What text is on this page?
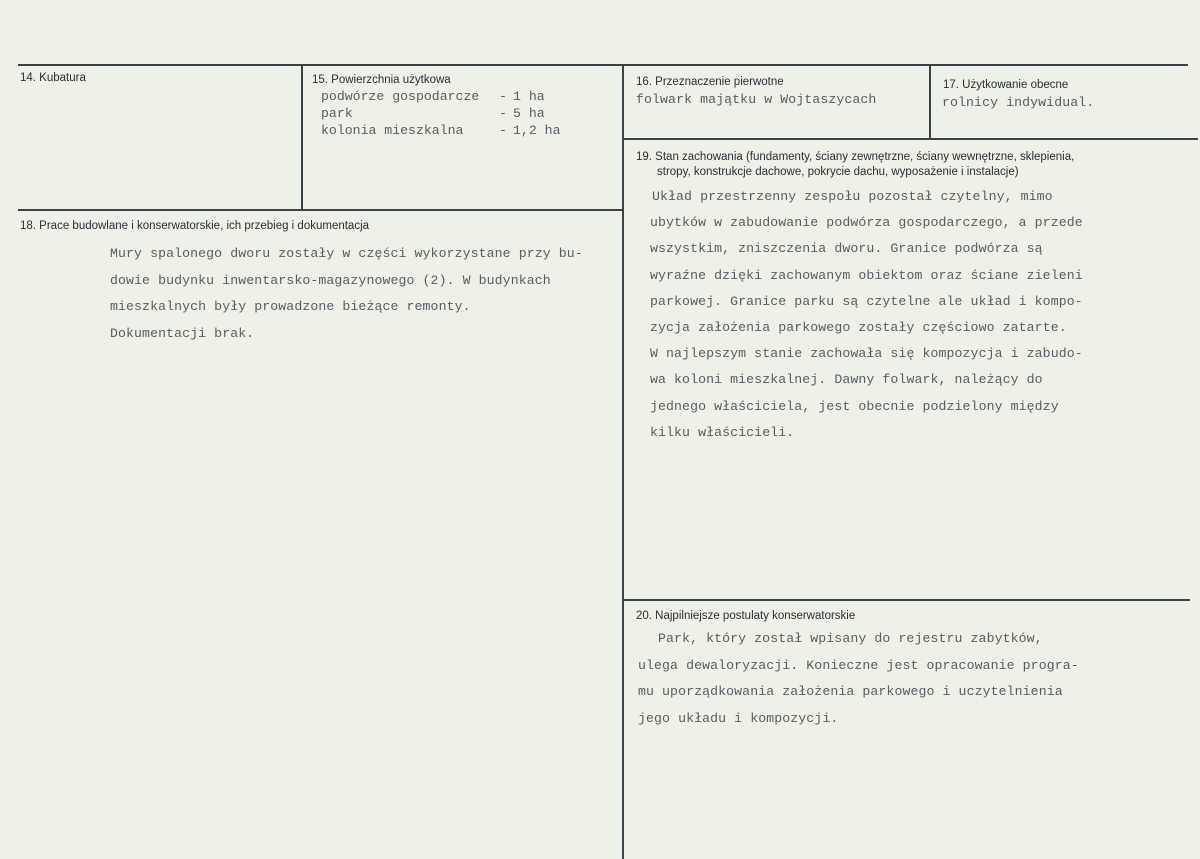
14. Kubatura	15. Powierzchnia użytkowa
podwórze gospodarcze	- 1 ha
park	- 5 ha
kolonia mieszkalna	- 1,2 ha
16. Przeznaczenie pierwotne
folwark majątku w Wojtaszycach
17. Użytkowanie obecne
rolnicy indywidual.
18. Prace budowlane i konserwatorskie, ich przebieg i dokumentacja
Mury spalonego dworu zostały w części wykorzystane przy bu-
dowie budynku inwentarsko-magazynowego (2). W budynkach
mieszkalnych były prowadzone bieżące remonty.
Dokumentacji brak.
19. Stan zachowania (fundamenty, ściany zewnętrzne, ściany wewnętrzne, sklepienia,
stropy, konstrukcje dachowe, pokrycie dachu, wyposażenie i instalacje)
Układ przestrzenny zespołu pozostał czytelny, mimo
ubytków w zabudowanie podwórza gospodarczego, a przede
wszystkim, zniszczenia dworu. Granice podwórza są
wyraźne dzięki zachowanym obiektom oraz ściane zieleni
parkowej. Granice parku są czytelne ale układ i kompo-
zycja założenia parkowego zostały częściowo zatarte.
W najlepszym stanie zachowała się kompozycja i zabudo-
wa koloni mieszkalnej. Dawny folwark, należący do
jednego właściciela, jest obecnie podzielony między
kilku właścicieli.
20. Najpilniejsze postulaty konserwatorskie
Park, który został wpisany do rejestru zabytków,
ulega dewaloryzacji. Konieczne jest opracowanie progra-
mu uporządkowania założenia parkowego i uczytelnienia
jego układu i kompozycji.
